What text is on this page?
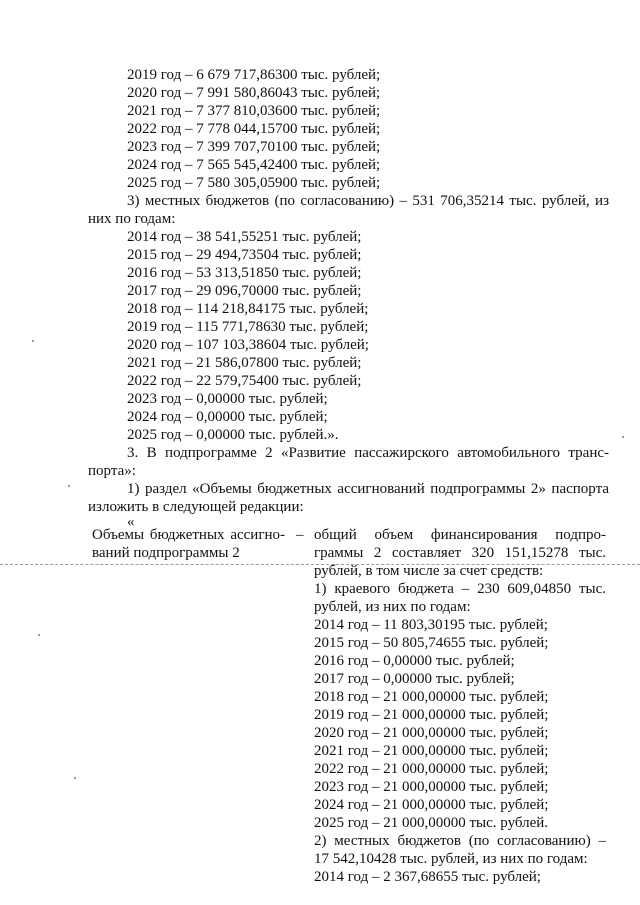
2019 год – 6 679 717,86300 тыс. рублей;
2020 год – 7 991 580,86043 тыс. рублей;
2021 год – 7 377 810,03600 тыс. рублей;
2022 год – 7 778 044,15700 тыс. рублей;
2023 год – 7 399 707,70100 тыс. рублей;
2024 год – 7 565 545,42400 тыс. рублей;
2025 год – 7 580 305,05900 тыс. рублей;
3) местных бюджетов (по согласованию) – 531 706,35214 тыс. рублей, из
них по годам:
2014 год – 38 541,55251 тыс. рублей;
2015 год – 29 494,73504 тыс. рублей;
2016 год – 53 313,51850 тыс. рублей;
2017 год – 29 096,70000 тыс. рублей;
2018 год – 114 218,84175 тыс. рублей;
2019 год – 115 771,78630 тыс. рублей;
2020 год – 107 103,38604 тыс. рублей;
2021 год – 21 586,07800 тыс. рублей;
2022 год – 22 579,75400 тыс. рублей;
2023 год – 0,00000 тыс. рублей;
2024 год – 0,00000 тыс. рублей;
2025 год – 0,00000 тыс. рублей.».
3. В подпрограмме 2 «Развитие пассажирского автомобильного транс-
порта»:
1) раздел «Объемы бюджетных ассигнований подпрограммы 2» паспорта
изложить в следующей редакции:
«
Объемы бюджетных ассигно-
ваний подпрограммы 2
– общий объем финансирования подпро-
граммы 2 составляет 320 151,15278 тыс.
рублей, в том числе за счет средств:
1) краевого бюджета – 230 609,04850 тыс.
рублей, из них по годам:
2014 год – 11 803,30195 тыс. рублей;
2015 год – 50 805,74655 тыс. рублей;
2016 год – 0,00000 тыс. рублей;
2017 год – 0,00000 тыс. рублей;
2018 год – 21 000,00000 тыс. рублей;
2019 год – 21 000,00000 тыс. рублей;
2020 год – 21 000,00000 тыс. рублей;
2021 год – 21 000,00000 тыс. рублей;
2022 год – 21 000,00000 тыс. рублей;
2023 год – 21 000,00000 тыс. рублей;
2024 год – 21 000,00000 тыс. рублей;
2025 год – 21 000,00000 тыс. рублей.
2) местных бюджетов (по согласованию) –
17 542,10428 тыс. рублей, из них по годам:
2014 год – 2 367,68655 тыс. рублей;
